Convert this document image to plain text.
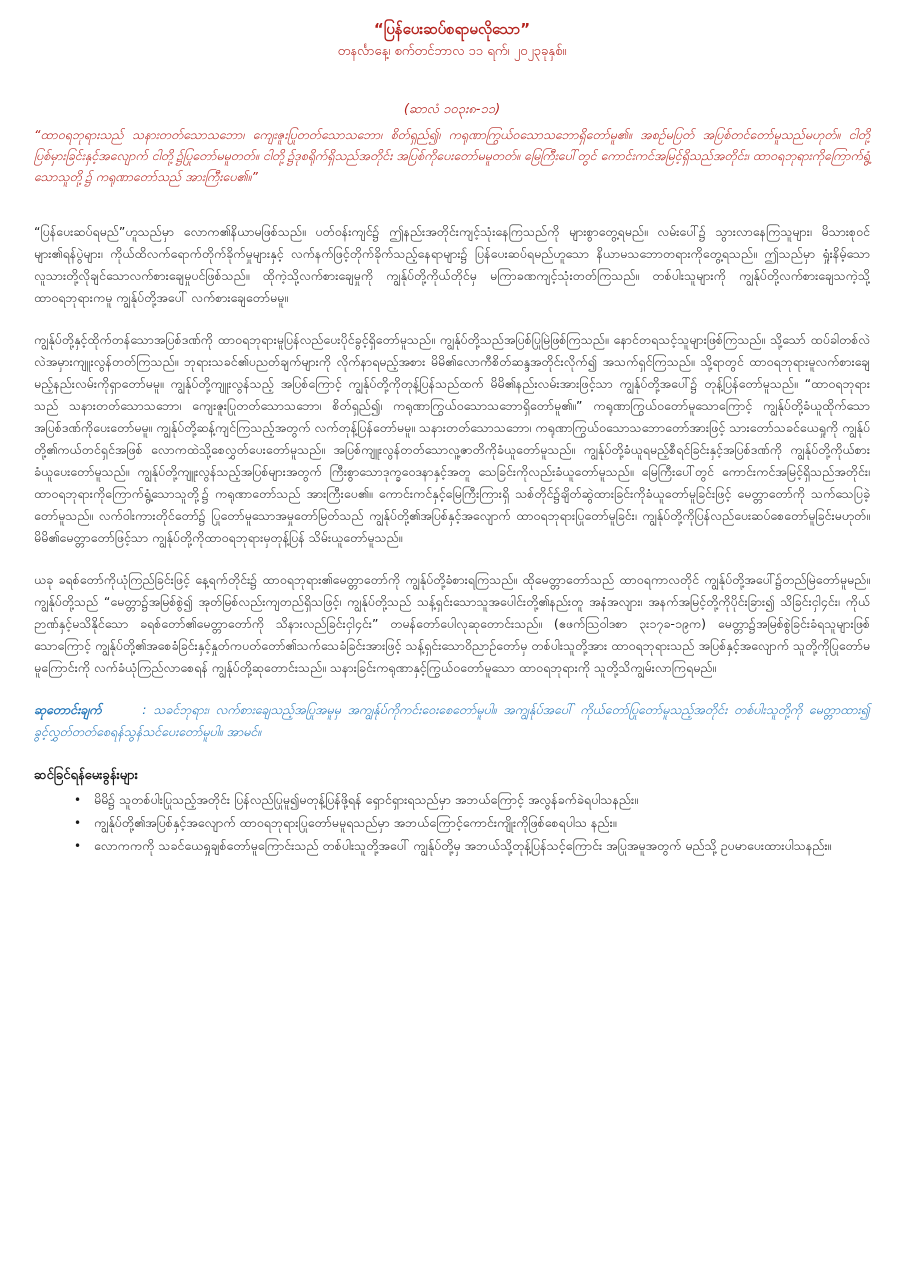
“ပြန်ပေးဆပ်စရာမလိုသော”

တနင်္လာနေ့၊ စက်တင်ဘာလ ၁၁ ရက်၊ ၂၀၂၃ခုနှစ်။

(ဆာလံ ၁၀၃း၈-၁၁)

“ထာဝရဘုရားသည် သနားတတ်သောသဘော၊ ကျေးဇူးပြုတတ်သောသဘော၊ စိတ်ရှည်၍၊ ကရုဏာကြွယ်ဝသောသဘောရှိတော်မူ၏။ အစဉ်မပြတ် အပြစ်တင်တော်မူသည်မဟုတ်။ ငါတို့ပြစ်မှားခြင်းနှင့်အလျောက် ငါတို့၌ပြုတော်မမူတတ်။ ငါတို့၌ဒုစရိုက်ရှိသည်အတိုင်း အပြစ်ကိုပေးတော်မမူတတ်။ မြေကြီးပေါ်တွင် ကောင်းကင်အမြင့်ရှိသည်အတိုင်း၊ ထာဝရဘုရားကိုကြောက်ရွံ့သောသူတို့၌ ကရုဏာတော်သည် အားကြီးပေ၏။”

“ပြန်ပေးဆပ်ရမည်”ဟူသည်မှာ လောက၏နိယာမဖြစ်သည်။ ပတ်ဝန်းကျင်၌ ဤနည်းအတိုင်းကျင့်သုံးနေကြသည်ကို များစွာတွေ့ရမည်။ လမ်းပေါ်၌ သွားလာနေကြသူများ၊ မိသားစုဝင်များ၏ရန်ပွဲများ၊ ကိုယ်ထိလက်ရောက်တိုက်ခိုက်မှုများနှင့် လက်နက်ဖြင့်တိုက်ခိုက်သည့်နေရာများ၌ ပြန်ပေးဆပ်ရမည်ဟူသော နိယာမသဘောတရားကိုတွေ့ရသည်။ ဤသည်မှာ ရှုံးနိမ့်သောလူသားတို့လိုချင်သောလက်စားချေမှုပင်ဖြစ်သည်။ ထိုကဲ့သို့လက်စားချေမှုကို ကျွန်ုပ်တို့ကိုယ်တိုင်မှ မကြာခဏကျင့်သုံးတတ်ကြသည်။ တစ်ပါးသူများကို ကျွန်ုပ်တို့လက်စားချေသကဲ့သို့ ထာဝရဘုရားကမူ ကျွန်ုပ်တို့အပေါ် လက်စားချေတော်မမူ။

ကျွန်ုပ်တို့နှင့်ထိုက်တန်သောအပြစ်ဒဏ်ကို ထာဝရဘုရားမူပြန်လည်ပေးပိုင်ခွင့်ရှိတော်မူသည်။ ကျွန်ုပ်တို့သည်အပြစ်ပြုမြဲဖြစ်ကြသည်။ နောင်တရသင့်သူများဖြစ်ကြသည်။ သို့သော် ထပ်ခါတစ်လဲလဲအမှားကျူးလွန်တတ်ကြသည်။ ဘုရားသခင်၏ပညတ်ချက်များကို လိုက်နာရမည့်အစား မိမိ၏လောကီစိတ်ဆန္ဒအတိုင်းလိုက်၍ အသက်ရှင်ကြသည်။ သို့ရာတွင် ထာဝရဘုရားမူလက်စားချေမည့်နည်းလမ်းကိုရှာတော်မမူ။ ကျွန်ုပ်တို့ကျူးလွန်သည့် အပြစ်ကြောင့် ကျွန်ုပ်တို့ကိုတုန့်ပြန်သည်ထက် မိမိ၏နည်းလမ်းအားဖြင့်သာ ကျွန်ုပ်တို့အပေါ်၌ တုန့်ပြန်တော်မူသည်။ “ထာဝရဘုရားသည် သနားတတ်သောသဘော၊ ကျေးဇူးပြုတတ်သောသဘော၊ စိတ်ရှည်၍၊ ကရုဏာကြွယ်ဝသောသဘောရှိတော်မူ၏။” ကရုဏာကြွယ်ဝတော်မူသောကြောင့် ကျွန်ုပ်တို့ခံယူထိုက်သော အပြစ်ဒဏ်ကိုပေးတော်မမူ။ ကျွန်ုပ်တို့ဆန့်ကျင်ကြသည့်အတွက် လက်တုန့်ပြန်တော်မမူ။ သနားတတ်သောသဘော၊ ကရုဏာကြွယ်ဝသောသဘောတော်အားဖြင့် သားတော်သခင်ယေရှုကို ကျွန်ုပ်တို့၏ကယ်တင်ရှင်အဖြစ် လောကထဲသို့စေလွှတ်ပေးတော်မူသည်။ အပြစ်ကျူးလွန်တတ်သောလူ့ဇာတိကိုခံယူတော်မူသည်။ ကျွန်ုပ်တို့ခံယူရမည့်စီရင်ခြင်းနှင့်အပြစ်ဒဏ်ကို ကျွန်ုပ်တို့ကိုယ်စားခံယူပေးတော်မူသည်။ ကျွန်ုပ်တို့ကျူးလွန်သည့်အပြစ်များအတွက် ကြီးစွာသောဒုက္ခဝေဒနာနှင့်အတူ သေခြင်းကိုလည်းခံယူတော်မူသည်။ မြေကြီးပေါ်တွင် ကောင်းကင်အမြင့်ရှိသည်အတိုင်း၊ ထာဝရဘုရားကိုကြောက်ရွံ့သောသူတို့၌ ကရုဏာတော်သည် အားကြီးပေ၏။ ကောင်းကင်နှင့်မြေကြီးကြားရှိ သစ်တိုင်၌ချိတ်ဆွဲထားခြင်းကိုခံယူတော်မူခြင်းဖြင့် မေတ္တာတော်ကို သက်သေပြခဲ့တော်မူသည်။ လက်ဝါးကားတိုင်တော်၌ ပြုတော်မူသောအမှုတော်မြတ်သည် ကျွန်ုပ်တို့၏အပြစ်နှင့်အလျောက် ထာဝရဘုရားပြုတော်မူခြင်း၊ ကျွန်ုပ်တို့ကိုပြန်လည်ပေးဆပ်စေတော်မူခြင်းမဟုတ်။ မိမိ၏မေတ္တာတော်ဖြင့်သာ ကျွန်ုပ်တို့ကိုထာဝရဘုရားမှတုန့်ပြန် သိမ်းယူတော်မူသည်။

ယခု ခရစ်တော်ကိုယုံကြည်ခြင်းဖြင့် နေ့ရက်တိုင်း၌ ထာဝရဘုရား၏မေတ္တာတော်ကို ကျွန်ုပ်တို့ခံစားရကြသည်။ ထိုမေတ္တာတော်သည် ထာဝရကာလတိုင် ကျွန်ုပ်တို့အပေါ်၌တည်မြဲတော်မူမည်။ ကျွန်ုပ်တို့သည် “မေတ္တာ၌အမြစ်စွဲ၍ အုတ်မြစ်လည်းကျတည်ရှိသဖြင့်၊ ကျွန်ုပ်တို့သည် သန့်ရှင်းသောသူအပေါင်းတို့၏နည်းတူ အနံအလျား၊ အနက်အမြင့်တို့ကိုပိုင်းခြား၍ သိခြင်းငှါ၄င်း၊ ကိုယ်ဉာဏ်နှင့်မသိနိုင်သော ခရစ်တော်၏မေတ္တာတော်ကို သိနားလည်ခြင်းငှါ၄င်း” တမန်တော်ပေါလုဆုတောင်းသည်။ (ဧဖက်သြဝါဒစာ ၃း၁၇ခ-၁၉က) မေတ္တာ၌အမြစ်စွဲခြင်းခံရသူများဖြစ်သောကြောင့် ကျွန်ုပ်တို့၏အစေခံခြင်းနှင့်နှုတ်ကပတ်တော်၏သက်သေခံခြင်းအားဖြင့် သန့်ရှင်းသောဝိညာဉ်တော်မှ တစ်ပါးသူတို့အား ထာဝရဘုရားသည် အပြစ်နှင့်အလျောက် သူတို့ကိုပြုတော်မမူကြောင်းကို လက်ခံယုံကြည်လာစေရန် ကျွန်ုပ်တို့ဆုတောင်းသည်။ သနားခြင်းကရုဏာနှင့်ကြွယ်ဝတော်မူသော ထာဝရဘုရားကို သူတို့သိကျွမ်းလာကြရမည်။

ဆုတောင်းချက်	: သခင်ဘုရား၊ လက်စားချေသည့်အပြုအမူမှ အကျွန်ုပ်ကိုကင်းဝေးစေတော်မူပါ။ အကျွန်ုပ်အပေါ် ကိုယ်တော်ပြုတော်မူသည့်အတိုင်း တစ်ပါးသူတို့ကို မေတ္တာထား၍ ခွင့်လွှတ်တတ်စေရန်သွန်သင်ပေးတော်မူပါ။ အာမင်။

ဆင်ခြင်ရန်မေးခွန်းများ
• မိမိ၌ သူတစ်ပါးပြုသည့်အတိုင်း ပြန်လည်ပြုမူ၍မတုန့်ပြန်ဖို့ရန် ရှောင်ရှားရသည်မှာ အဘယ်ကြောင့် အလွန်ခက်ခဲရပါသနည်း။
• ကျွန်ုပ်တို့၏အပြစ်နှင့်အလျောက် ထာဝရဘုရားပြုတော်မမူရသည်မှာ အဘယ်ကြောင့်ကောင်းကျိုးကိုဖြစ်စေရပါသ နည်း။
• လောကကကို သခင်ယေရှုချစ်တော်မူကြောင်းသည် တစ်ပါးသူတို့အပေါ် ကျွန်ုပ်တို့မှ အဘယ်သို့တုန့်ပြန်သင့်ကြောင်း အပြုအမူအတွက် မည်သို့ ဥပမာပေးထားပါသနည်း။
